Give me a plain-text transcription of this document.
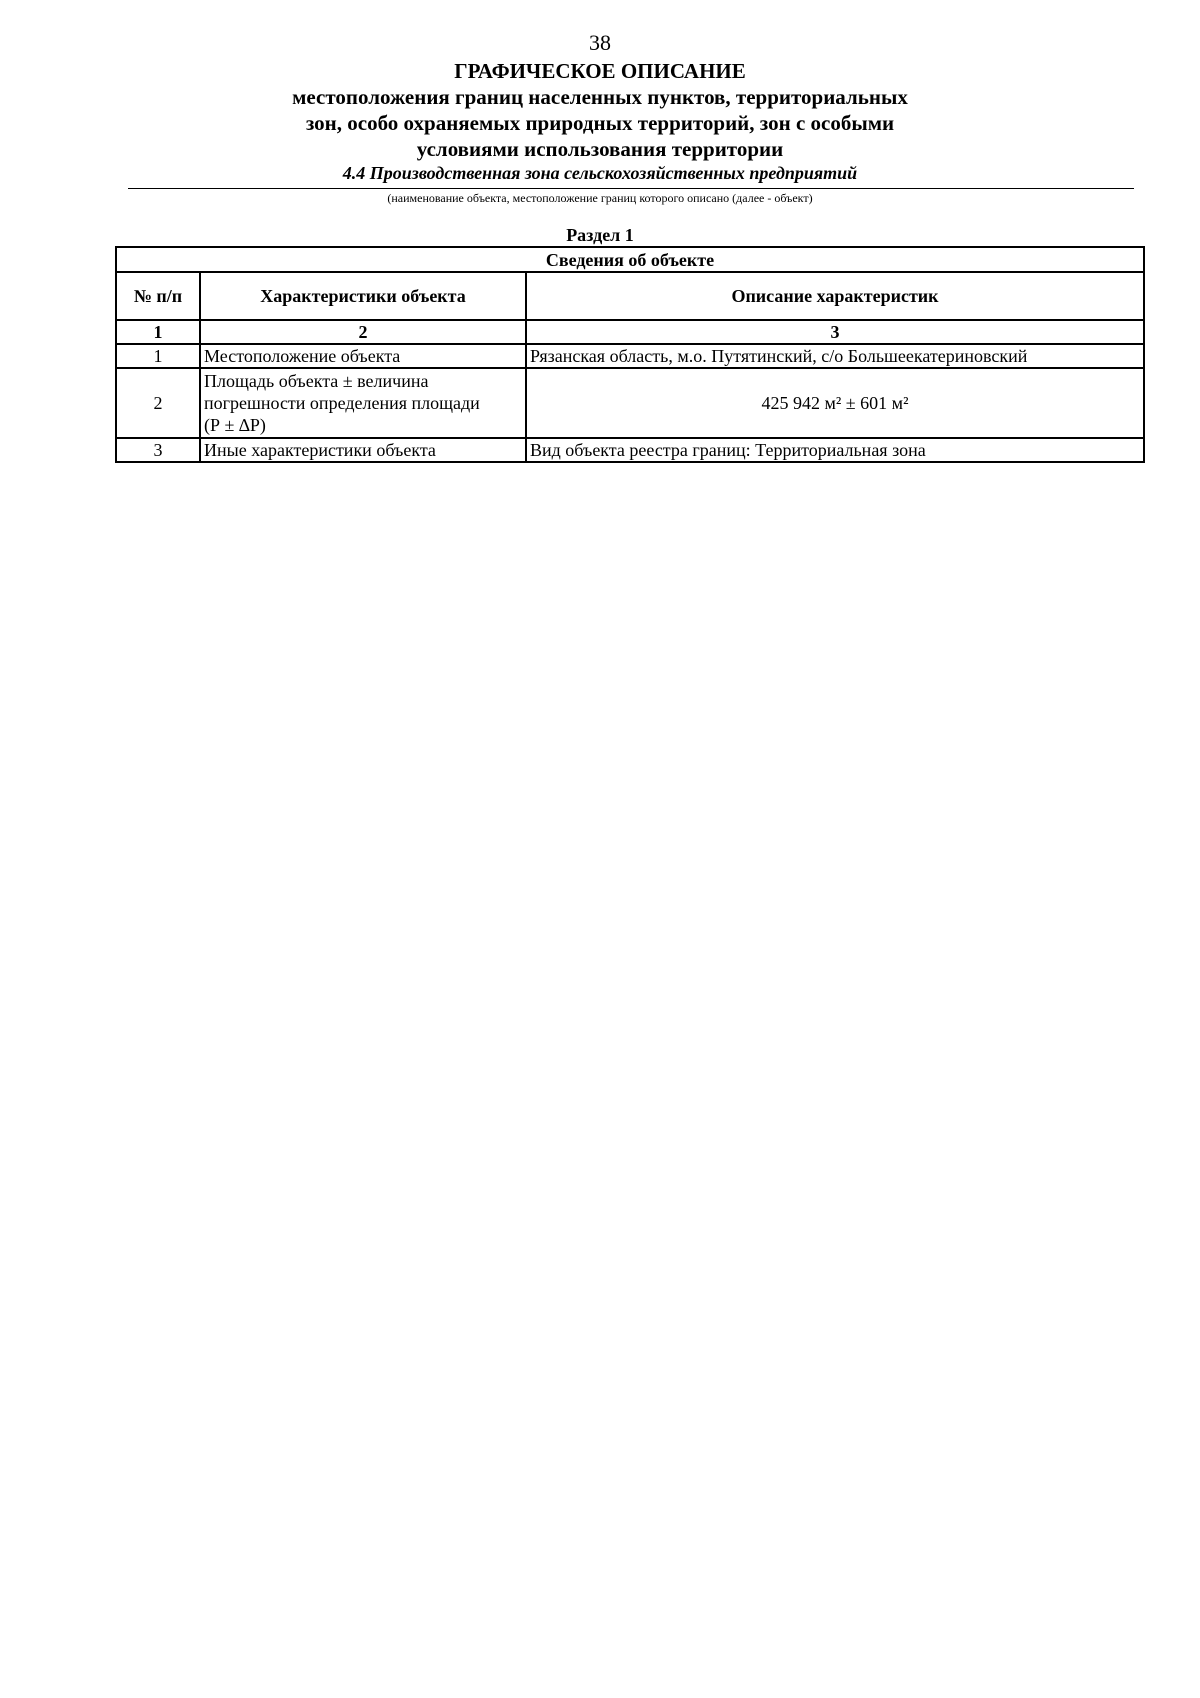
38
ГРАФИЧЕСКОЕ ОПИСАНИЕ
местоположения границ населенных пунктов, территориальных
зон, особо охраняемых природных территорий, зон с особыми
условиями использования территории
4.4 Производственная зона сельскохозяйственных предприятий
(наименование объекта, местоположение границ которого описано (далее - объект)
Раздел 1
Сведения об объекте		
№ п/п	Характеристики объекта	Описание характеристик
1	2	3
1	Местоположение объекта	Рязанская область, м.о. Путятинский, с/о Большеекатериновский
2	Площадь объекта ± величина
погрешности определения площади
(Р ± ∆Р)	425 942 м² ± 601 м²
3	Иные характеристики объекта	Вид объекта реестра границ: Территориальная зона
